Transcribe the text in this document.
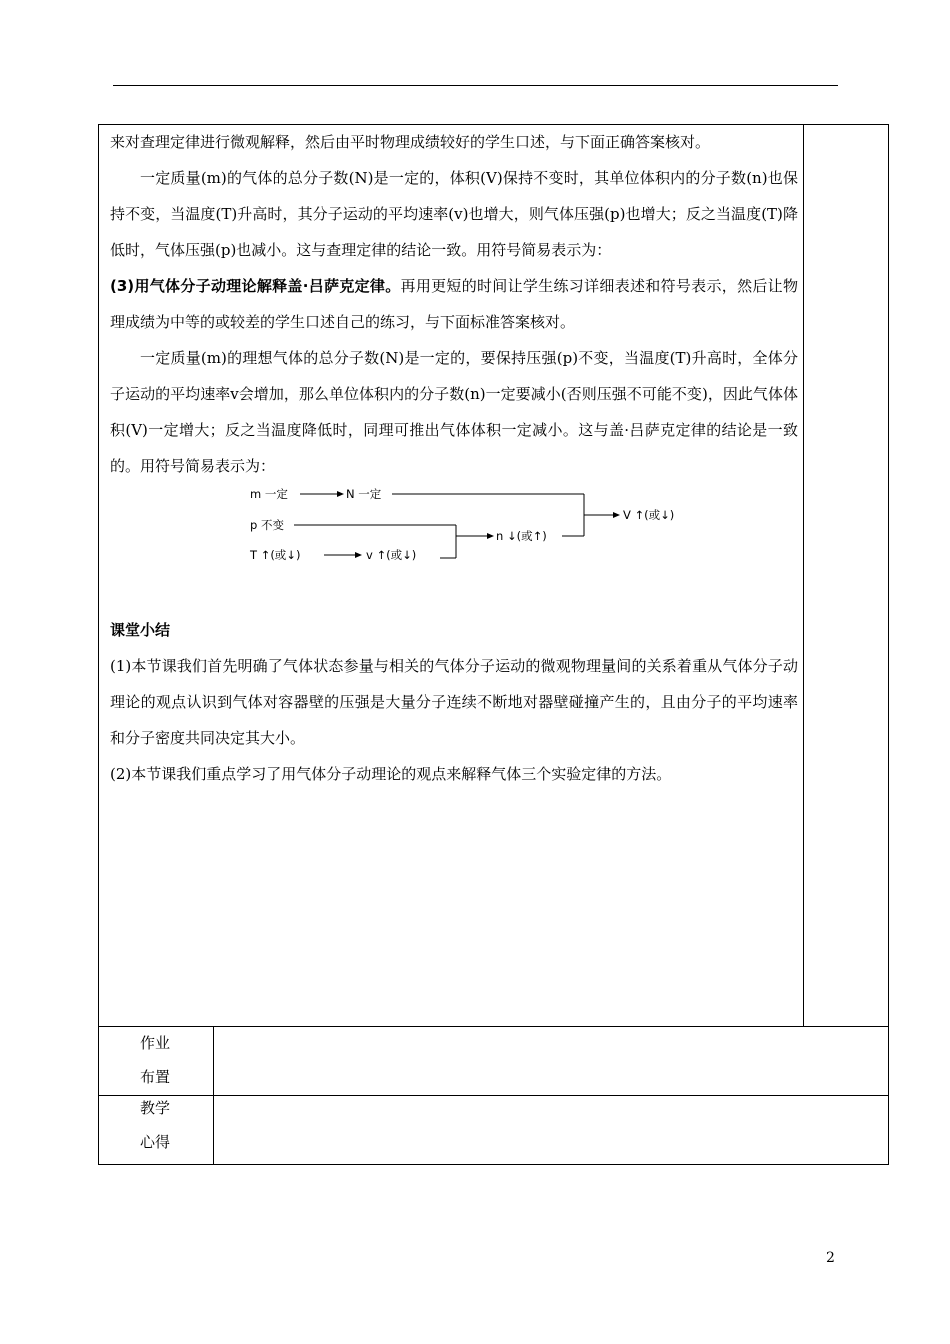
来对查理定律进行微观解释，然后由平时物理成绩较好的学生口述，与下面正确答案核对。

一定质量(m)的气体的总分子数(N)是一定的，体积(V)保持不变时，其单位体积内的分子数(n)也保持不变，当温度(T)升高时，其分子运动的平均速率(v)也增大，则气体压强(p)也增大；反之当温度(T)降低时，气体压强(p)也减小。这与查理定律的结论一致。用符号简易表示为：

(3)用气体分子动理论解释盖·吕萨克定律。再用更短的时间让学生练习详细表述和符号表示，然后让物理成绩为中等的或较差的学生口述自己的练习，与下面标准答案核对。

一定质量(m)的理想气体的总分子数(N)是一定的，要保持压强(p)不变，当温度(T)升高时，全体分子运动的平均速率v会增加，那么单位体积内的分子数(n)一定要减小(否则压强不可能不变)，因此气体体积(V)一定增大；反之当温度降低时，同理可推出气体体积一定减小。这与盖·吕萨克定律的结论是一致的。用符号简易表示为：

m 一定	N 一定
p 不变
T ↑(或↓)	v ↑(或↓)
n ↓(或↑)
V ↑(或↓)

课堂小结

(1)本节课我们首先明确了气体状态参量与相关的气体分子运动的微观物理量间的关系着重从气体分子动理论的观点认识到气体对容器壁的压强是大量分子连续不断地对器壁碰撞产生的，且由分子的平均速率和分子密度共同决定其大小。

(2)本节课我们重点学习了用气体分子动理论的观点来解释气体三个实验定律的方法。

作业
布置
教学
心得
2
